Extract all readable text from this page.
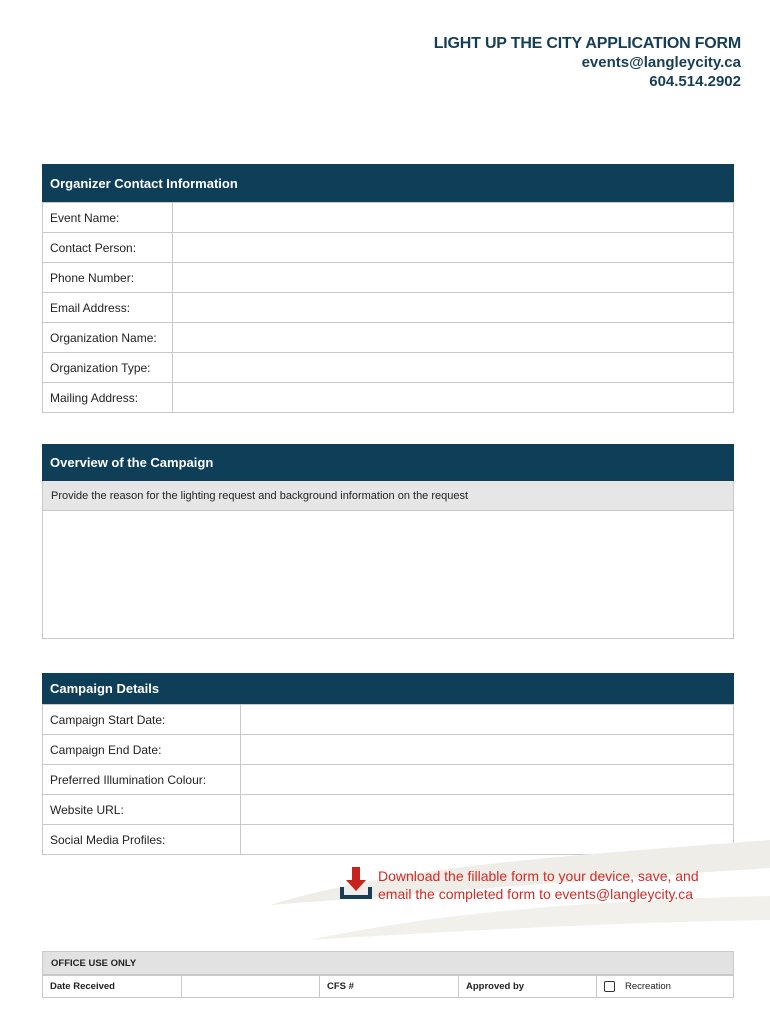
LIGHT UP THE CITY APPLICATION FORM
events@langleycity.ca
604.514.2902
Organizer Contact Information
Event Name:	
Contact Person:	
Phone Number:	
Email Address:	
Organization Name:	
Organization Type:	
Mailing Address:	
Overview of the Campaign
Provide the reason for the lighting request and background information on the request
Campaign Details
Campaign Start Date:	
Campaign End Date:	
Preferred Illumination Colour:	
Website URL:	
Social Media Profiles:	
Download the fillable form to your device, save, and
email the completed form to events@langleycity.ca
OFFICE USE ONLY
Date Received		CFS #	Approved by	Recreation
